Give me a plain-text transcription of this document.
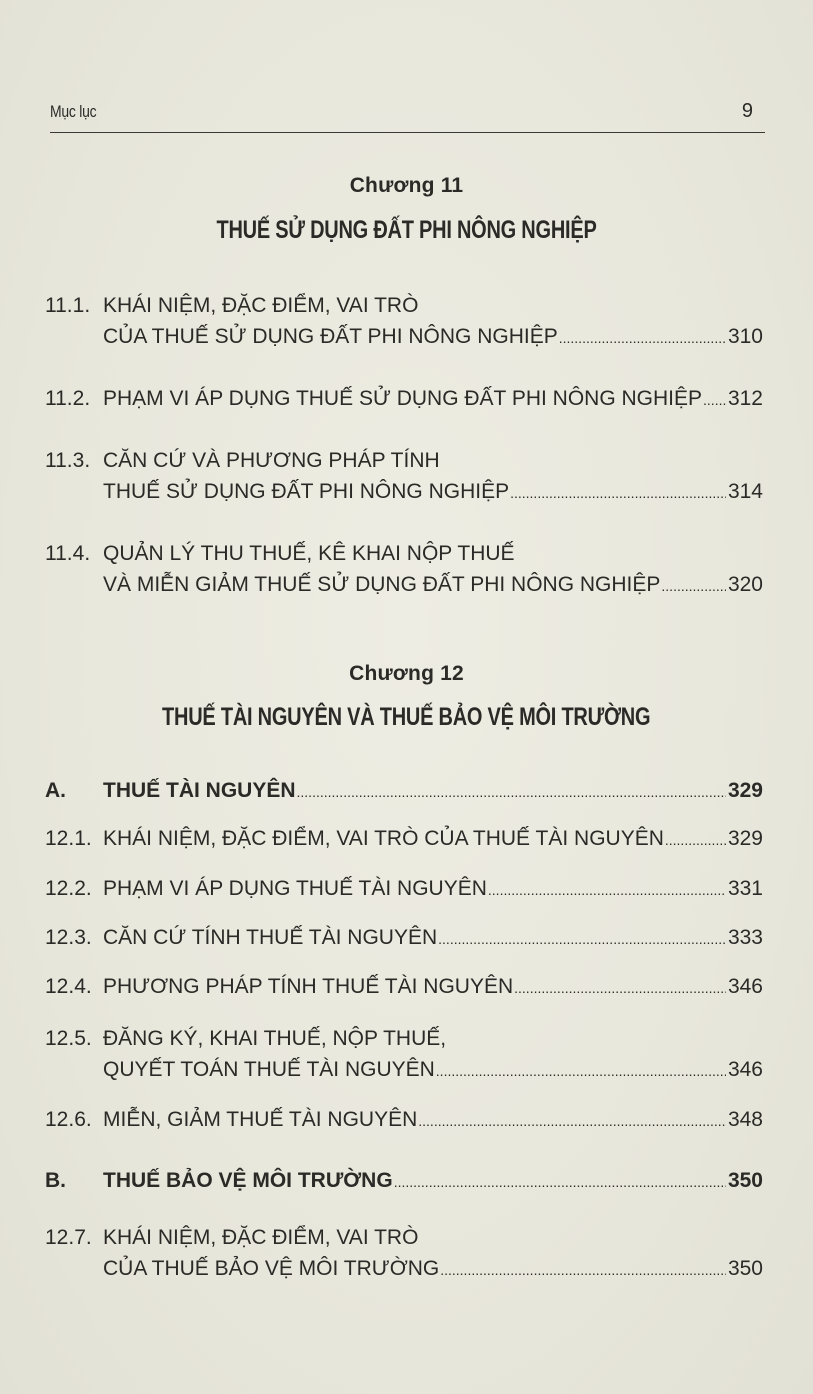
Mục lục	9
Chương 11
THUẾ SỬ DỤNG ĐẤT PHI NÔNG NGHIỆP
11.1. KHÁI NIỆM, ĐẶC ĐIỂM, VAI TRÒ
CỦA THUẾ SỬ DỤNG ĐẤT PHI NÔNG NGHIỆP .....	310
11.2. PHẠM VI ÁP DỤNG THUẾ SỬ DỤNG ĐẤT PHI NÔNG NGHIỆP ..... 312
11.3. CĂN CỨ VÀ PHƯƠNG PHÁP TÍNH
THUẾ SỬ DỤNG ĐẤT PHI NÔNG NGHIỆP .....	314
11.4. QUẢN LÝ THU THUẾ, KÊ KHAI NỘP THUẾ
VÀ MIỄN GIẢM THUẾ SỬ DỤNG ĐẤT PHI NÔNG NGHIỆP .....	320
Chương 12
THUẾ TÀI NGUYÊN VÀ THUẾ BẢO VỆ MÔI TRƯỜNG
A. THUẾ TÀI NGUYÊN .....	329
12.1. KHÁI NIỆM, ĐẶC ĐIỂM, VAI TRÒ CỦA THUẾ TÀI NGUYÊN .....	329
12.2. PHẠM VI ÁP DỤNG THUẾ TÀI NGUYÊN .....	331
12.3. CĂN CỨ TÍNH THUẾ TÀI NGUYÊN .....	333
12.4. PHƯƠNG PHÁP TÍNH THUẾ TÀI NGUYÊN .....	346
12.5. ĐĂNG KÝ, KHAI THUẾ, NỘP THUẾ,
QUYẾT TOÁN THUẾ TÀI NGUYÊN .....	346
12.6. MIỄN, GIẢM THUẾ TÀI NGUYÊN .....	348
B. THUẾ BẢO VỆ MÔI TRƯỜNG .....	350
12.7. KHÁI NIỆM, ĐẶC ĐIỂM, VAI TRÒ
CỦA THUẾ BẢO VỆ MÔI TRƯỜNG .....	350
